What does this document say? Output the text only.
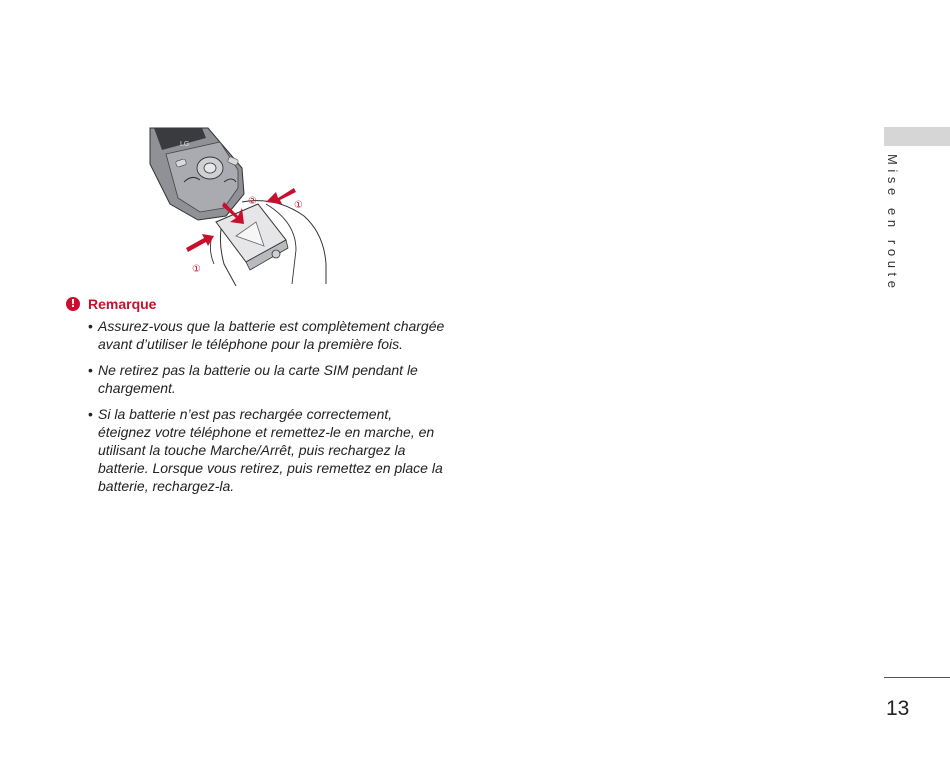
LG
②	①
①
! Remarque
• Assurez-vous que la batterie est complètement chargée avant d’utiliser le téléphone pour la première fois.
• Ne retirez pas la batterie ou la carte SIM pendant le chargement.
• Si la batterie n’est pas rechargée correctement, éteignez votre téléphone et remettez-le en marche, en utilisant la touche Marche/Arrêt, puis rechargez la batterie. Lorsque vous retirez, puis remettez en place la batterie, rechargez-la.
Mise en route
13
